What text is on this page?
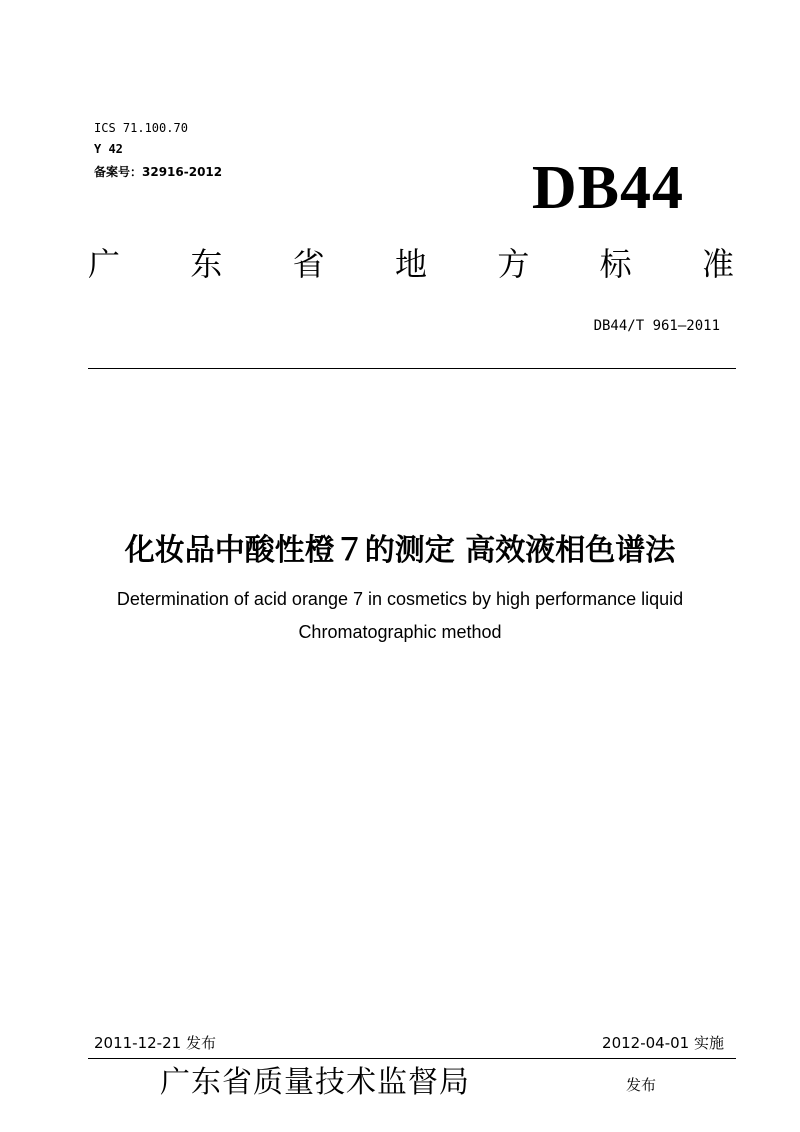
ICS 71.100.70
Y 42
备案号：32916-2012	DB44
广 东 省 地 方 标 准
DB44/T 961—2011
化妆品中酸性橙７的测定 高效液相色谱法
Determination of acid orange 7 in cosmetics by high performance liquid
Chromatographic method
2011-12-21 发布	2012-04-01 实施
广东省质量技术监督局	发布
